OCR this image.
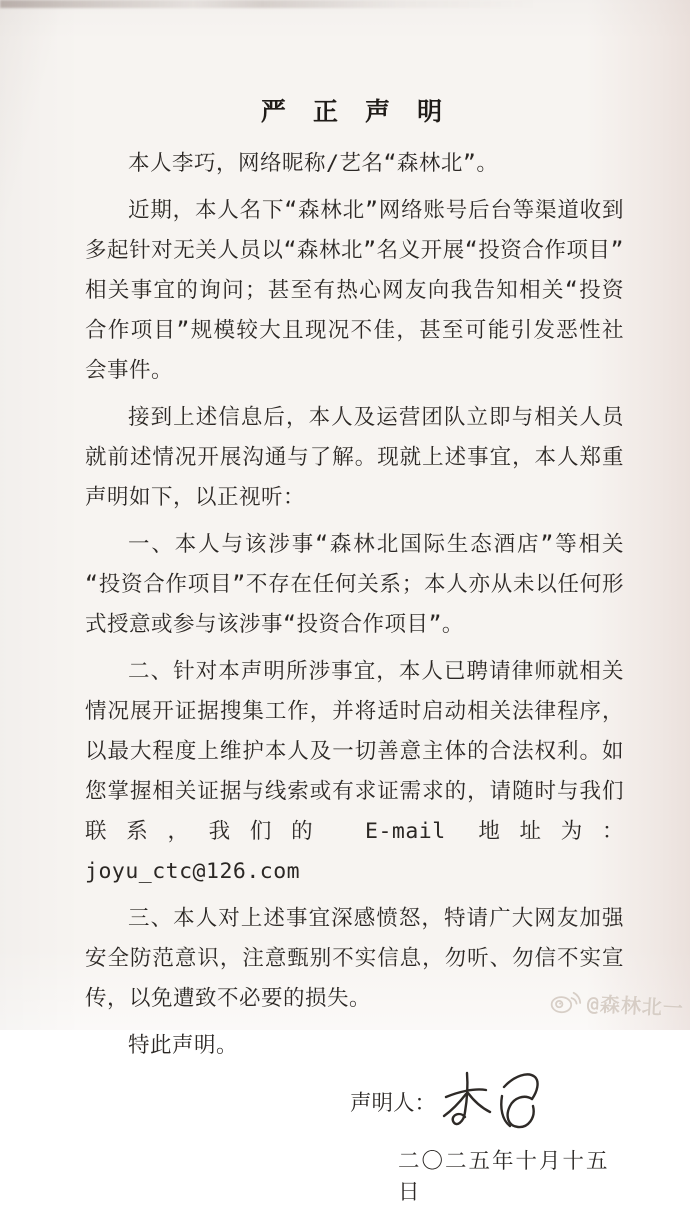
严 正 声 明

本人李巧，网络昵称/艺名“森林北”。

近期，本人名下“森林北”网络账号后台等渠道收到多起针对无关人员以“森林北”名义开展“投资合作项目”相关事宜的询问；甚至有热心网友向我告知相关“投资合作项目”规模较大且现况不佳，甚至可能引发恶性社会事件。

接到上述信息后，本人及运营团队立即与相关人员就前述情况开展沟通与了解。现就上述事宜，本人郑重声明如下，以正视听：

一、本人与该涉事“森林北国际生态酒店”等相关“投资合作项目”不存在任何关系；本人亦从未以任何形式授意或参与该涉事“投资合作项目”。

二、针对本声明所涉事宜，本人已聘请律师就相关情况展开证据搜集工作，并将适时启动相关法律程序，以最大程度上维护本人及一切善意主体的合法权利。如您掌握相关证据与线索或有求证需求的，请随时与我们联系，我们的 E-mail 地址为：joyu_ctc@126.com

三、本人对上述事宜深感愤怒，特请广大网友加强安全防范意识，注意甄别不实信息，勿听、勿信不实宣传，以免遭致不必要的损失。

特此声明。

声明人：
二〇二五年十月十五日
@森林北一
